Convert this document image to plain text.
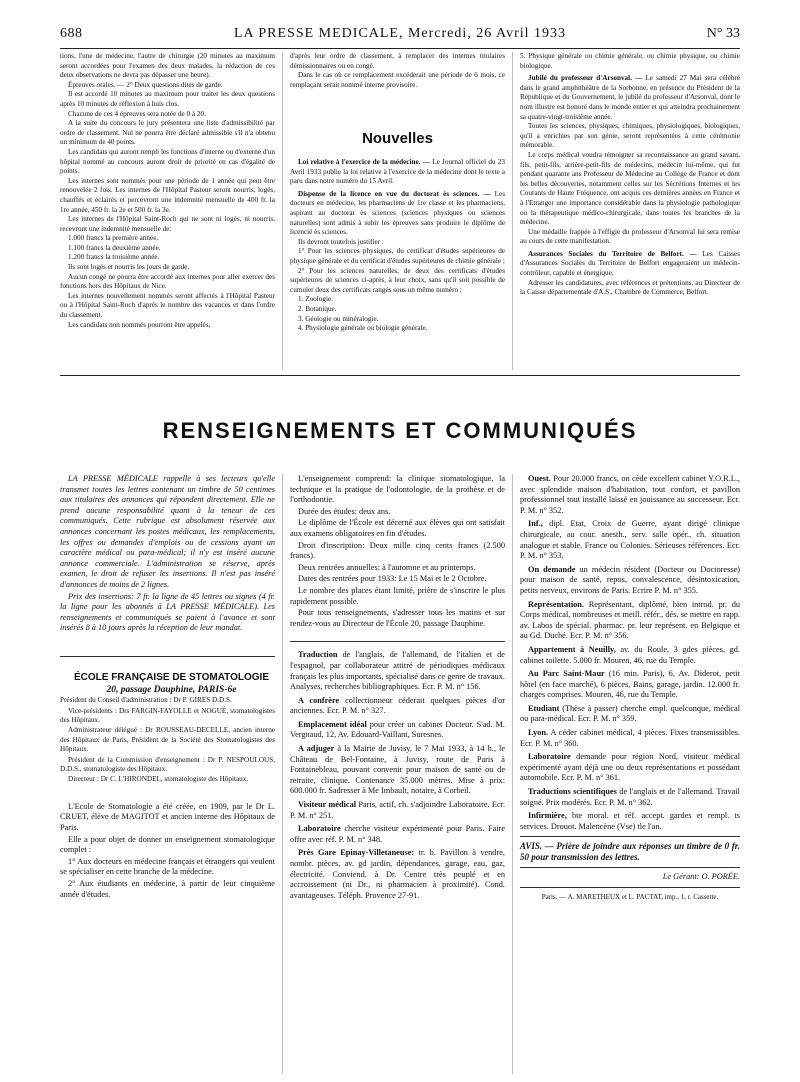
688	LA PRESSE MEDICALE, Mercredi, 26 Avril 1933	N° 33

tions, l'une de médecine, l'autre de chirurgie (20 minutes au maximum seront accordées pour l'examen des deux malades, la rédaction de ces deux observations ne devra pas dépasser une heure).

Épreuves orales. — 2° Deux questions dites de garde.

Il est accordé 10 minutes au maximum pour traiter les deux questions après 10 minutes de réflexion à huis clos.

Chacune de ces 4 épreuves sera notée de 0 à 20.

A la suite du concours le jury présentera une liste d'admissibilité par ordre de classement. Nul ne pourra être déclaré admissible s'il n'a obtenu un minimum de 40 points.

Les candidats qui auront rempli les fonctions d'interne ou d'externe d'un hôpital nommé au concours auront droit de priorité en cas d'égalité de points.

Les internes sont nommés pour une période de 1 année qui peut être renouvelée 2 fois. Les internes de l'Hôpital Pasteur seront nourris, logés, chauffés et éclairés et percevront une indemnité mensuelle de 400 fr. la 1re année, 450 fr. la 2e et 500 fr. la 3e.

Les internes de l'Hôpital Saint-Roch qui ne sont ni logés, ni nourris, recevront une indemnité mensuelle de:

1.000 francs la première année.

1.100 francs la deuxième année.

1.200 francs la troisième année.

Ils sont logés et nourris les jours de garde.

Aucun congé ne pourra être accordé aux internes pour aller exercer des fonctions hors des Hôpitaux de Nice.

Les internes nouvellement nommés seront affectés à l'Hôpital Pasteur ou à l'Hôpital Saint-Roch d'après le nombre des vacances et dans l'ordre du classement.

Les candidats non nommés pourront être appelés,

d'après leur ordre de classement, à remplacer des internes titulaires démissionnaires ou en congé.

Dans le cas où ce remplacement excéderait une période de 6 mois, ce remplaçant serait nommé interne provisoire.

Nouvelles

Loi relative à l'exercice de la médecine. — Le Journal officiel du 23 Avril 1933 publie la loi relative à l'exercice de la médecine dont le texte a paru dans notre numéro du 15 Avril.

Dispense de la licence en vue du doctorat ès sciences. — Les docteurs en médecine, les pharmaciens de 1re classe et les pharmaciens, aspirant au doctorat ès sciences (sciences physiques ou sciences naturelles) sont admis à subir les épreuves sans produire le diplôme de licencié ès sciences.

Ils devront toutefois justifier :

1° Pour les sciences physiques, du certificat d'études supérieures de physique générale et du certificat d'études supérieures de chimie générale ;

2° Pour les sciences naturelles, de deux des certificats d'études supérieures de sciences ci-après, à leur choix, sans qu'il soit possible de cumuler deux des certificats rangés sous un même numéro :

1. Zoologie.

2. Botanique.

3. Géologie ou minéralogie.

4. Physiologie générale ou biologie générale.

5. Physique générale ou chimie générale, ou chimie physique, ou chimie biologique.

Jubilé du professeur d'Arsonval. — Le samedi 27 Mai sera célébré dans le grand amphithéâtre de la Sorbonne, en présence du Président de la République et du Gouvernement, le jubilé du professeur d'Arsonval, dont le nom illustre est honoré dans le monde entier et qui atteindra prochainement sa quatre-vingt-troisième année.

Toutes les sciences, physiques, chimiques, physiologiques, biologiques, qu'il a enrichies par son génie, seront représentées à cette cérémonie mémorable.

Le corps médical voudra témoigner sa reconnaissance au grand savant, fils, petit-fils, arrière-petit-fils de médecins, médecin lui-même, qui fut pendant quarante ans Professeur de Médecine au Collège de France et dont les belles découvertes, notamment celles sur les Sécrétions Internes et les Courants de Haute Fréquence, ont acquis ces dernières années en France et à l'Etranger une importance considérable dans la physiologie pathologique ou la thérapeutique médico-chirurgicale, dans toutes les branches de la médecine.

Une médaille frappée à l'effigie du professeur d'Arsonval lui sera remise au cours de cette manifestation.

Assurances Sociales du Territoire de Belfort. — Les Caisses d'Assurances Sociales du Territoire de Belfort engageraient un médecin-contrôleur, capable et énergique.

Adresser les candidatures, avec références et prétentions, au Directeur de la Caisse départementale d'A.S., Chambre de Commerce, Belfort.

RENSEIGNEMENTS ET COMMUNIQUÉS

LA PRESSE MÉDICALE rappelle à ses lecteurs qu'elle transmet toutes les lettres contenant un timbre de 50 centimes aux titulaires des annonces qui répondent directement. Elle ne prend aucune responsabilité quant à la teneur de ces communiqués. Cette rubrique est absolument réservée aux annonces concernant les postes médicaux, les remplacements, les offres ou demandes d'emplois ou de cessions ayant un caractère médical ou para-médical; il n'y est inséré aucune annonce commerciale. L'administration se réserve, après examen, le droit de refuser les insertions. Il n'est pas inséré d'annonces de moins de 2 lignes.

Prix des insertions: 7 fr. la ligne de 45 lettres ou signes (4 fr. la ligne pour les abonnés à LA PRESSE MÉDICALE). Les renseignements et communiqués se paient à l'avance et sont insérés 8 à 10 jours après la réception de leur mandat.

ÉCOLE FRANÇAISE DE STOMATOLOGIE

20, passage Dauphine, PARIS-6e

Président du Conseil d'administration : Dr P. GIRES D.D.S.

Vice-présidents : Drs FARGIN-FAYOLLE et NOGUÉ, stomatologistes des Hôpitaux.

Administrateur délégué : Dr ROUSSEAU-DECELLE, ancien interne des Hôpitaux de Paris, Président de la Société des Stomatologistes des Hôpitaux.

Président de la Commission d'enseignement : Dr P. NESPOULOUS, D.D.S., stomatologiste des Hôpitaux.

Directeur : Dr C. L'HIRONDEL, stomatologiste des Hôpitaux.

L'Ecole de Stomatologie a été créée, en 1909, par le Dr L. CRUET, élève de MAGITOT et ancien interne des Hôpitaux de Paris.

Elle a pour objet de donner un enseignement stomatologique complet :

1° Aux docteurs en médecine français et étrangers qui veulent se spécialiser en cette branche de la médecine.

2° Aux étudiants en médecine, à partir de leur cinquième année d'études.

L'enseignement comprend: la clinique stomatologique, la technique et la pratique de l'odontologie, de la prothèse et de l'orthodontie.

Durée des études: deux ans.

Le diplôme de l'École est décerné aux élèves qui ont satisfait aux examens obligatoires en fin d'études.

Droit d'inscription: Deux mille cinq cents francs (2.500 francs).

Deux rentrées annuelles: à l'automne et au printemps.

Dates des rentrées pour 1933: Le 15 Mai et le 2 Octobre.

Le nombre des places étant limité, prière de s'inscrire le plus rapidement possible.

Pour tous renseignements, s'adresser tous les matins et sur rendez-vous au Directeur de l'École 20, passage Dauphine.

Traduction de l'anglais, de l'allemand, de l'italien et de l'espagnol, par collaborateur attitré de périodiques médicaux français les plus importants, spécialisé dans ce genre de travaux. Analyses, recherches bibliographiques. Ecr. P. M. n° 156.

A confrère collectionneur céderait quelques pièces d'or anciennes. Ecr. P. M. n° 327.

Emplacement idéal pour créer un cabinet Docteur. S'ad. M. Vergnaud, 12, Av. Edouard-Vaillant, Suresnes.

A adjuger à la Mairie de Juvisy, le 7 Mai 1933, à 14 h., le Château de Bel-Fontaine, à Juvisy, route de Paris à Fontainebleau, pouvant convenir pour maison de santé ou de retraite, clinique. Contenance 35.000 mètres. Mise à prix: 600.000 fr. Sadresser à Me Imbault, notaire, à Corbeil.

Visiteur médical Paris, actif, ch. s'adjoindre Laboratoire. Ecr. P. M. n° 251.

Laboratoire cherche visiteur expérimenté pour Paris. Faire offre avec réf. P. M. n° 348.

Près Gare Epinay-Villetaneuse: tr. b. Pavillon à vendre, nombr. pièces, av. gd jardin, dépendances, garage, eau, gaz, électricité. Conviend. à Dr. Centre très peuplé et en accroissement (ni Dr., ni pharmacien à proximité). Cond. avantageuses. Téléph. Provence 27-91.

Ouest. Pour 20.000 francs, on cède excellent cabinet Y.O.R.L., avec splendide maison d'habitation, tout confort, et pavillon professionnel tout installé laissé en jouissance au successeur. Ecr. P. M. n° 352.

Inf., dipl. Etat, Croix de Guerre, ayant dirigé clinique chirurgicale, au cour. anesth., serv. salle opér., ch. situation analogue et stable. France ou Colonies. Sérieuses références. Ecr. P. M. n° 353.

On demande un médecin résident (Docteur ou Doctoresse) pour maison de santé, repos, convalescence, désintoxication, petits nerveux, environs de Paris. Ecrire P. M. n° 355.

Représentation. Représentant, diplômé, bien introd. pr. du Corps médical, nombreuses et meill. référ., dés. se mettre en rapp. av. Labos de spécial. pharmac. pr. leur représent. en Belgique et au Gd. Duché. Ecr. P. M. n° 356.

Appartement à Neuilly, av. du Roule, 3 gdes pièces, gd. cabinet toilette. 5.000 fr. Mouren, 46, rue du Temple.

Au Parc Saint-Maur (16 min. Paris), 6, Av. Diderot, petit hôtel (en face marché), 6 pièces, Bains, garage, jardin. 12.000 fr. charges comprises. Mouren, 46, rue du Temple.

Etudiant (Thèse à passer) cherche empl. quelconque, médical ou para-médical. Ecr. P. M. n° 359.

Lyon. A céder cabinet médical, 4 pièces. Fixes transmissibles. Ecr. P. M. n° 360.

Laboratoire demande pour région Nord, visiteur médical expérimenté ayant déjà une ou deux représentations et possédant automobile. Ecr. P. M. n° 361.

Traductions scientifiques de l'anglais et de l'allemand. Travail soigné. Prix modérés. Ecr. P. M. n° 362.

Infirmière, bte moral. et réf. accept. gardes et rempl. ts services. Drouot. Malencène (Vse) tle l'an.

AVIS. — Prière de joindre aux réponses un timbre de 0 fr. 50 pour transmission des lettres.

Le Gérant: O. PORÉE.

Paris. — A. MARETHEUX et L. PACTAT, imp., 1, r. Cassette.
